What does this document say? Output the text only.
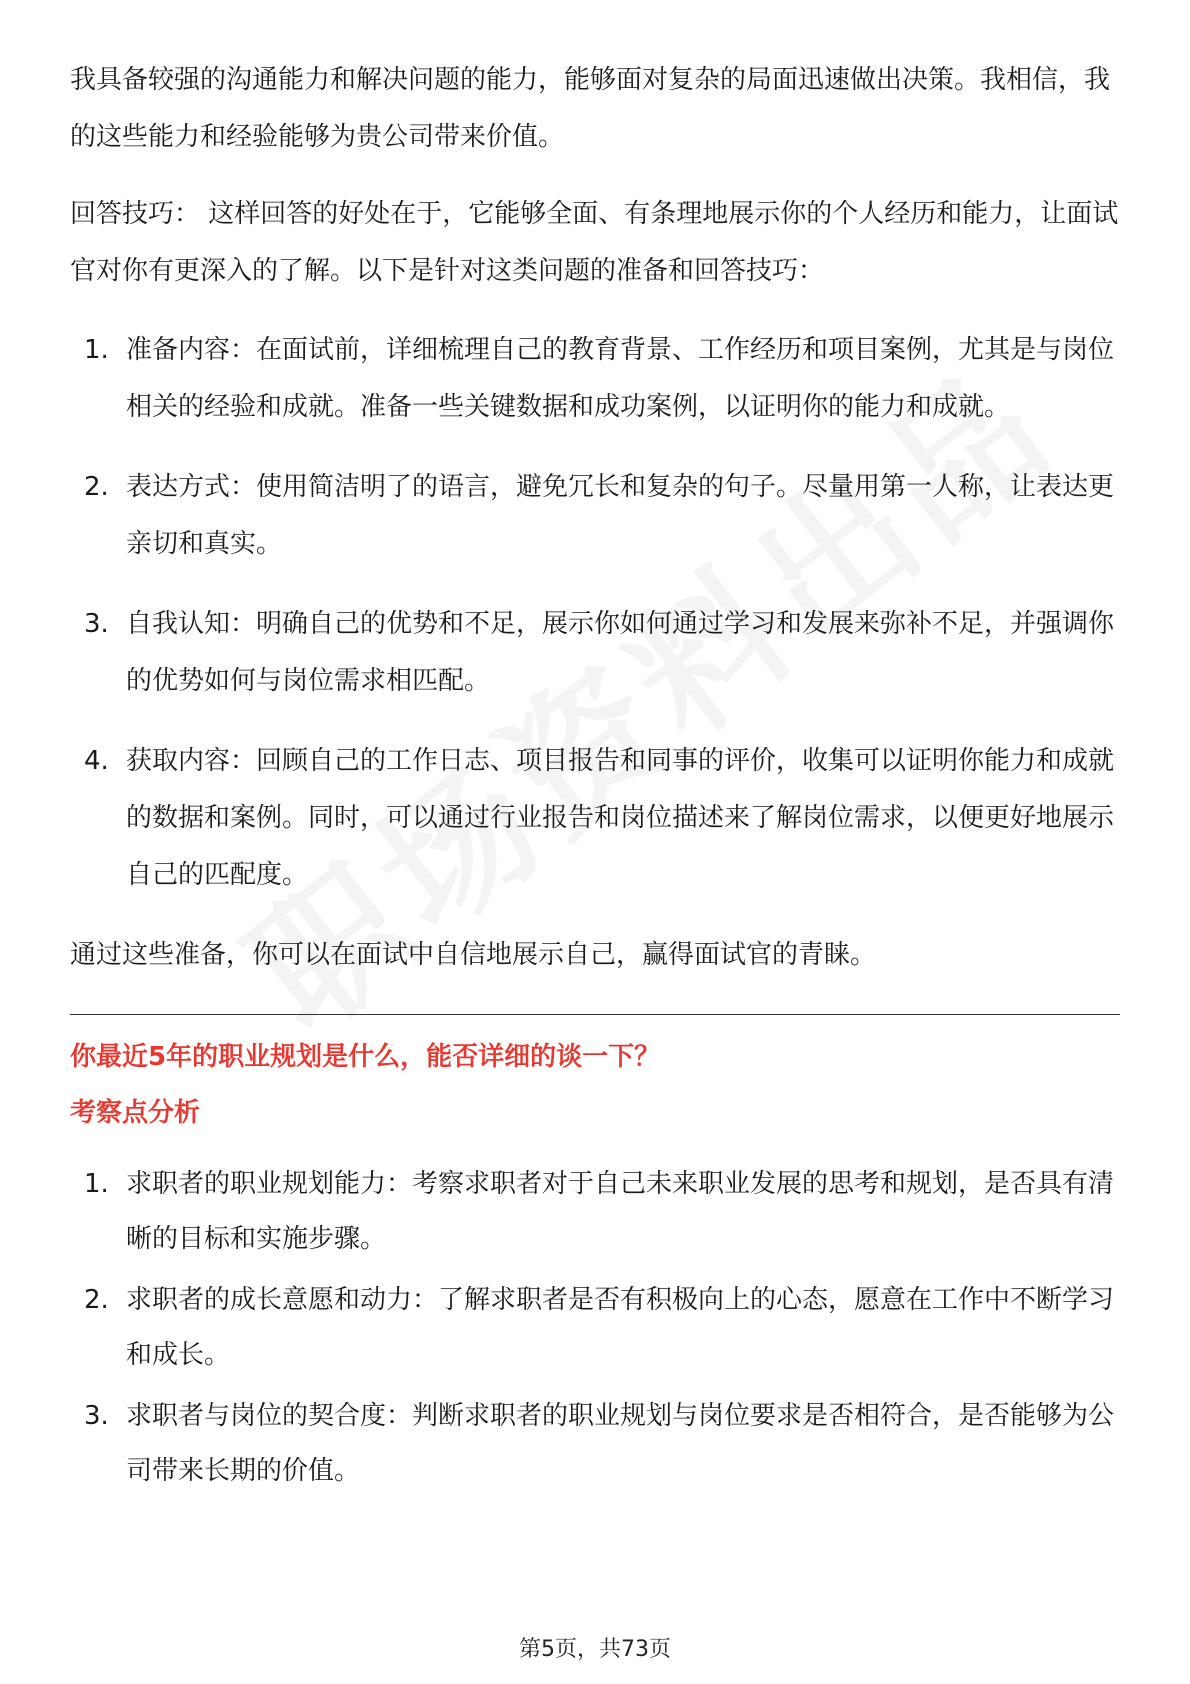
我具备较强的沟通能力和解决问题的能力，能够面对复杂的局面迅速做出决策。我相信，我的这些能力和经验能够为贵公司带来价值。

回答技巧： 这样回答的好处在于，它能够全面、有条理地展示你的个人经历和能力，让面试官对你有更深入的了解。以下是针对这类问题的准备和回答技巧：

1. 准备内容：在面试前，详细梳理自己的教育背景、工作经历和项目案例，尤其是与岗位相关的经验和成就。准备一些关键数据和成功案例，以证明你的能力和成就。
2. 表达方式：使用简洁明了的语言，避免冗长和复杂的句子。尽量用第一人称，让表达更亲切和真实。
3. 自我认知：明确自己的优势和不足，展示你如何通过学习和发展来弥补不足，并强调你的优势如何与岗位需求相匹配。
4. 获取内容：回顾自己的工作日志、项目报告和同事的评价，收集可以证明你能力和成就的数据和案例。同时，可以通过行业报告和岗位描述来了解岗位需求，以便更好地展示自己的匹配度。

通过这些准备，你可以在面试中自信地展示自己，赢得面试官的青睐。

你最近5年的职业规划是什么，能否详细的谈一下？

考察点分析

1. 求职者的职业规划能力：考察求职者对于自己未来职业发展的思考和规划，是否具有清晰的目标和实施步骤。
2. 求职者的成长意愿和动力：了解求职者是否有积极向上的心态，愿意在工作中不断学习和成长。
3. 求职者与岗位的契合度：判断求职者的职业规划与岗位要求是否相符合，是否能够为公司带来长期的价值。
第5页，共73页
